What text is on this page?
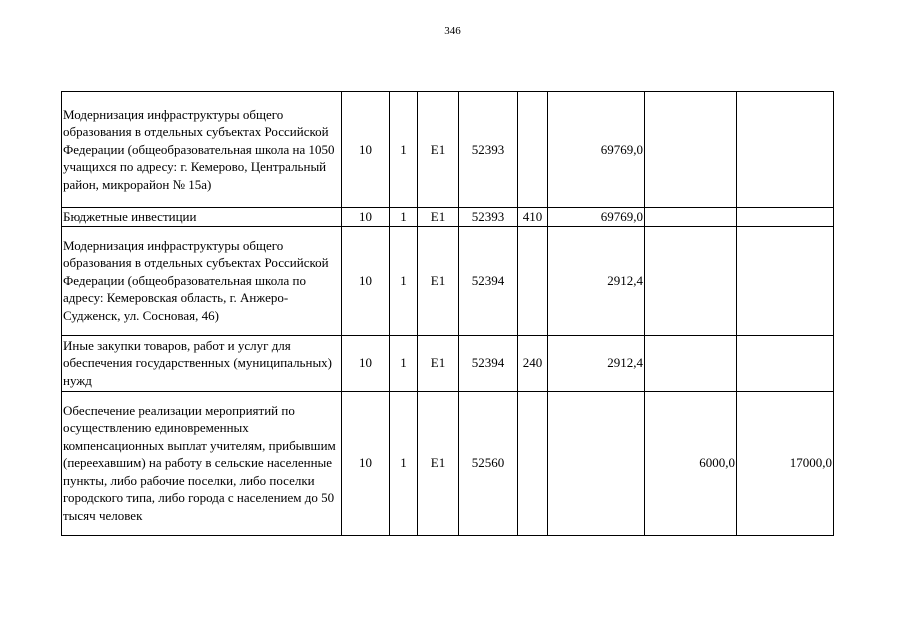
346
Модернизация инфраструктуры общего образования в отдельных субъектах Российской Федерации (общеобразовательная школа на 1050 учащихся по адресу: г. Кемерово, Центральный район, микрорайон № 15а)	10	1	Е1	52393		69769,0		
Бюджетные инвестиции	10	1	Е1	52393	410	69769,0		
Модернизация инфраструктуры общего образования в отдельных субъектах Российской Федерации (общеобразовательная школа по адресу: Кемеровская область, г. Анжеро-Судженск, ул. Сосновая, 46)	10	1	Е1	52394		2912,4		
Иные закупки товаров, работ и услуг для обеспечения государственных (муниципальных) нужд	10	1	Е1	52394	240	2912,4		
Обеспечение реализации мероприятий по осуществлению единовременных компенсационных выплат учителям, прибывшим (переехавшим) на работу в сельские населенные пункты, либо рабочие поселки, либо поселки городского типа, либо города с населением до 50 тысяч человек	10	1	Е1	52560			6000,0	17000,0
